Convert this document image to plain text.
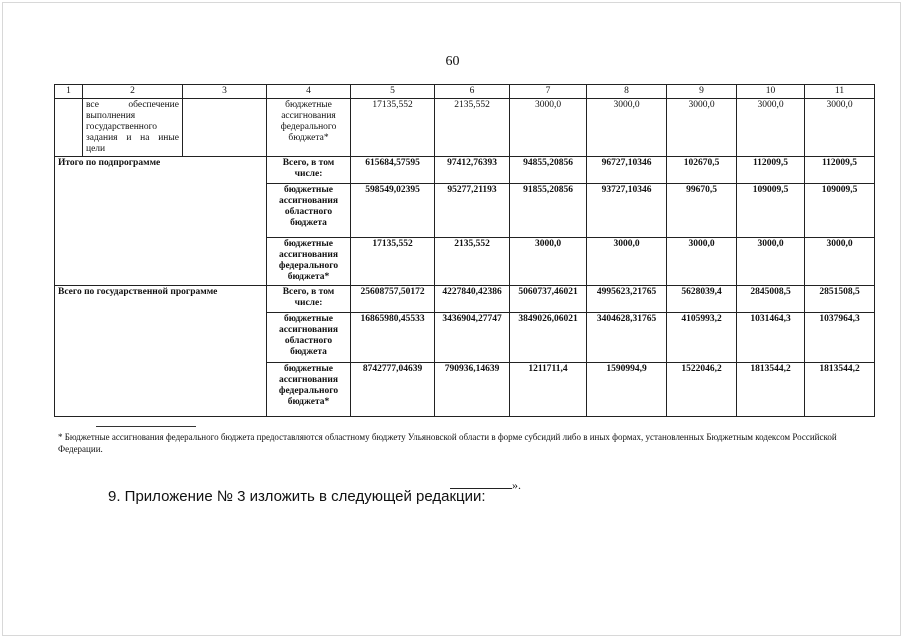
60
1	2	3	4	5	6	7	8	9	10	11
	все обеспечение выполнения государственного задания и на иные цели		бюджетные ассигнования федерального бюджета*	17135,552	2135,552	3000,0	3000,0	3000,0	3000,0	3000,0
Итого по подпрограмме			Всего, в том числе:	615684,57595	97412,76393	94855,20856	96727,10346	102670,5	112009,5	112009,5
			бюджетные ассигнования областного бюджета	598549,02395	95277,21193	91855,20856	93727,10346	99670,5	109009,5	109009,5
			бюджетные ассигнования федерального бюджета*	17135,552	2135,552	3000,0	3000,0	3000,0	3000,0	3000,0
Всего по государственной программе			Всего, в том числе:	25608757,50172	4227840,42386	5060737,46021	4995623,21765	5628039,4	2845008,5	2851508,5
			бюджетные ассигнования областного бюджета	16865980,45533	3436904,27747	3849026,06021	3404628,31765	4105993,2	1031464,3	1037964,3
			бюджетные ассигнования федерального бюджета*	8742777,04639	790936,14639	1211711,4	1590994,9	1522046,2	1813544,2	1813544,2
* Бюджетные ассигнования федерального бюджета предоставляются областному бюджету Ульяновской области в форме субсидий либо в иных формах, установленных Бюджетным кодексом Российской Федерации.
».
9. Приложение № 3 изложить в следующей редакции:
